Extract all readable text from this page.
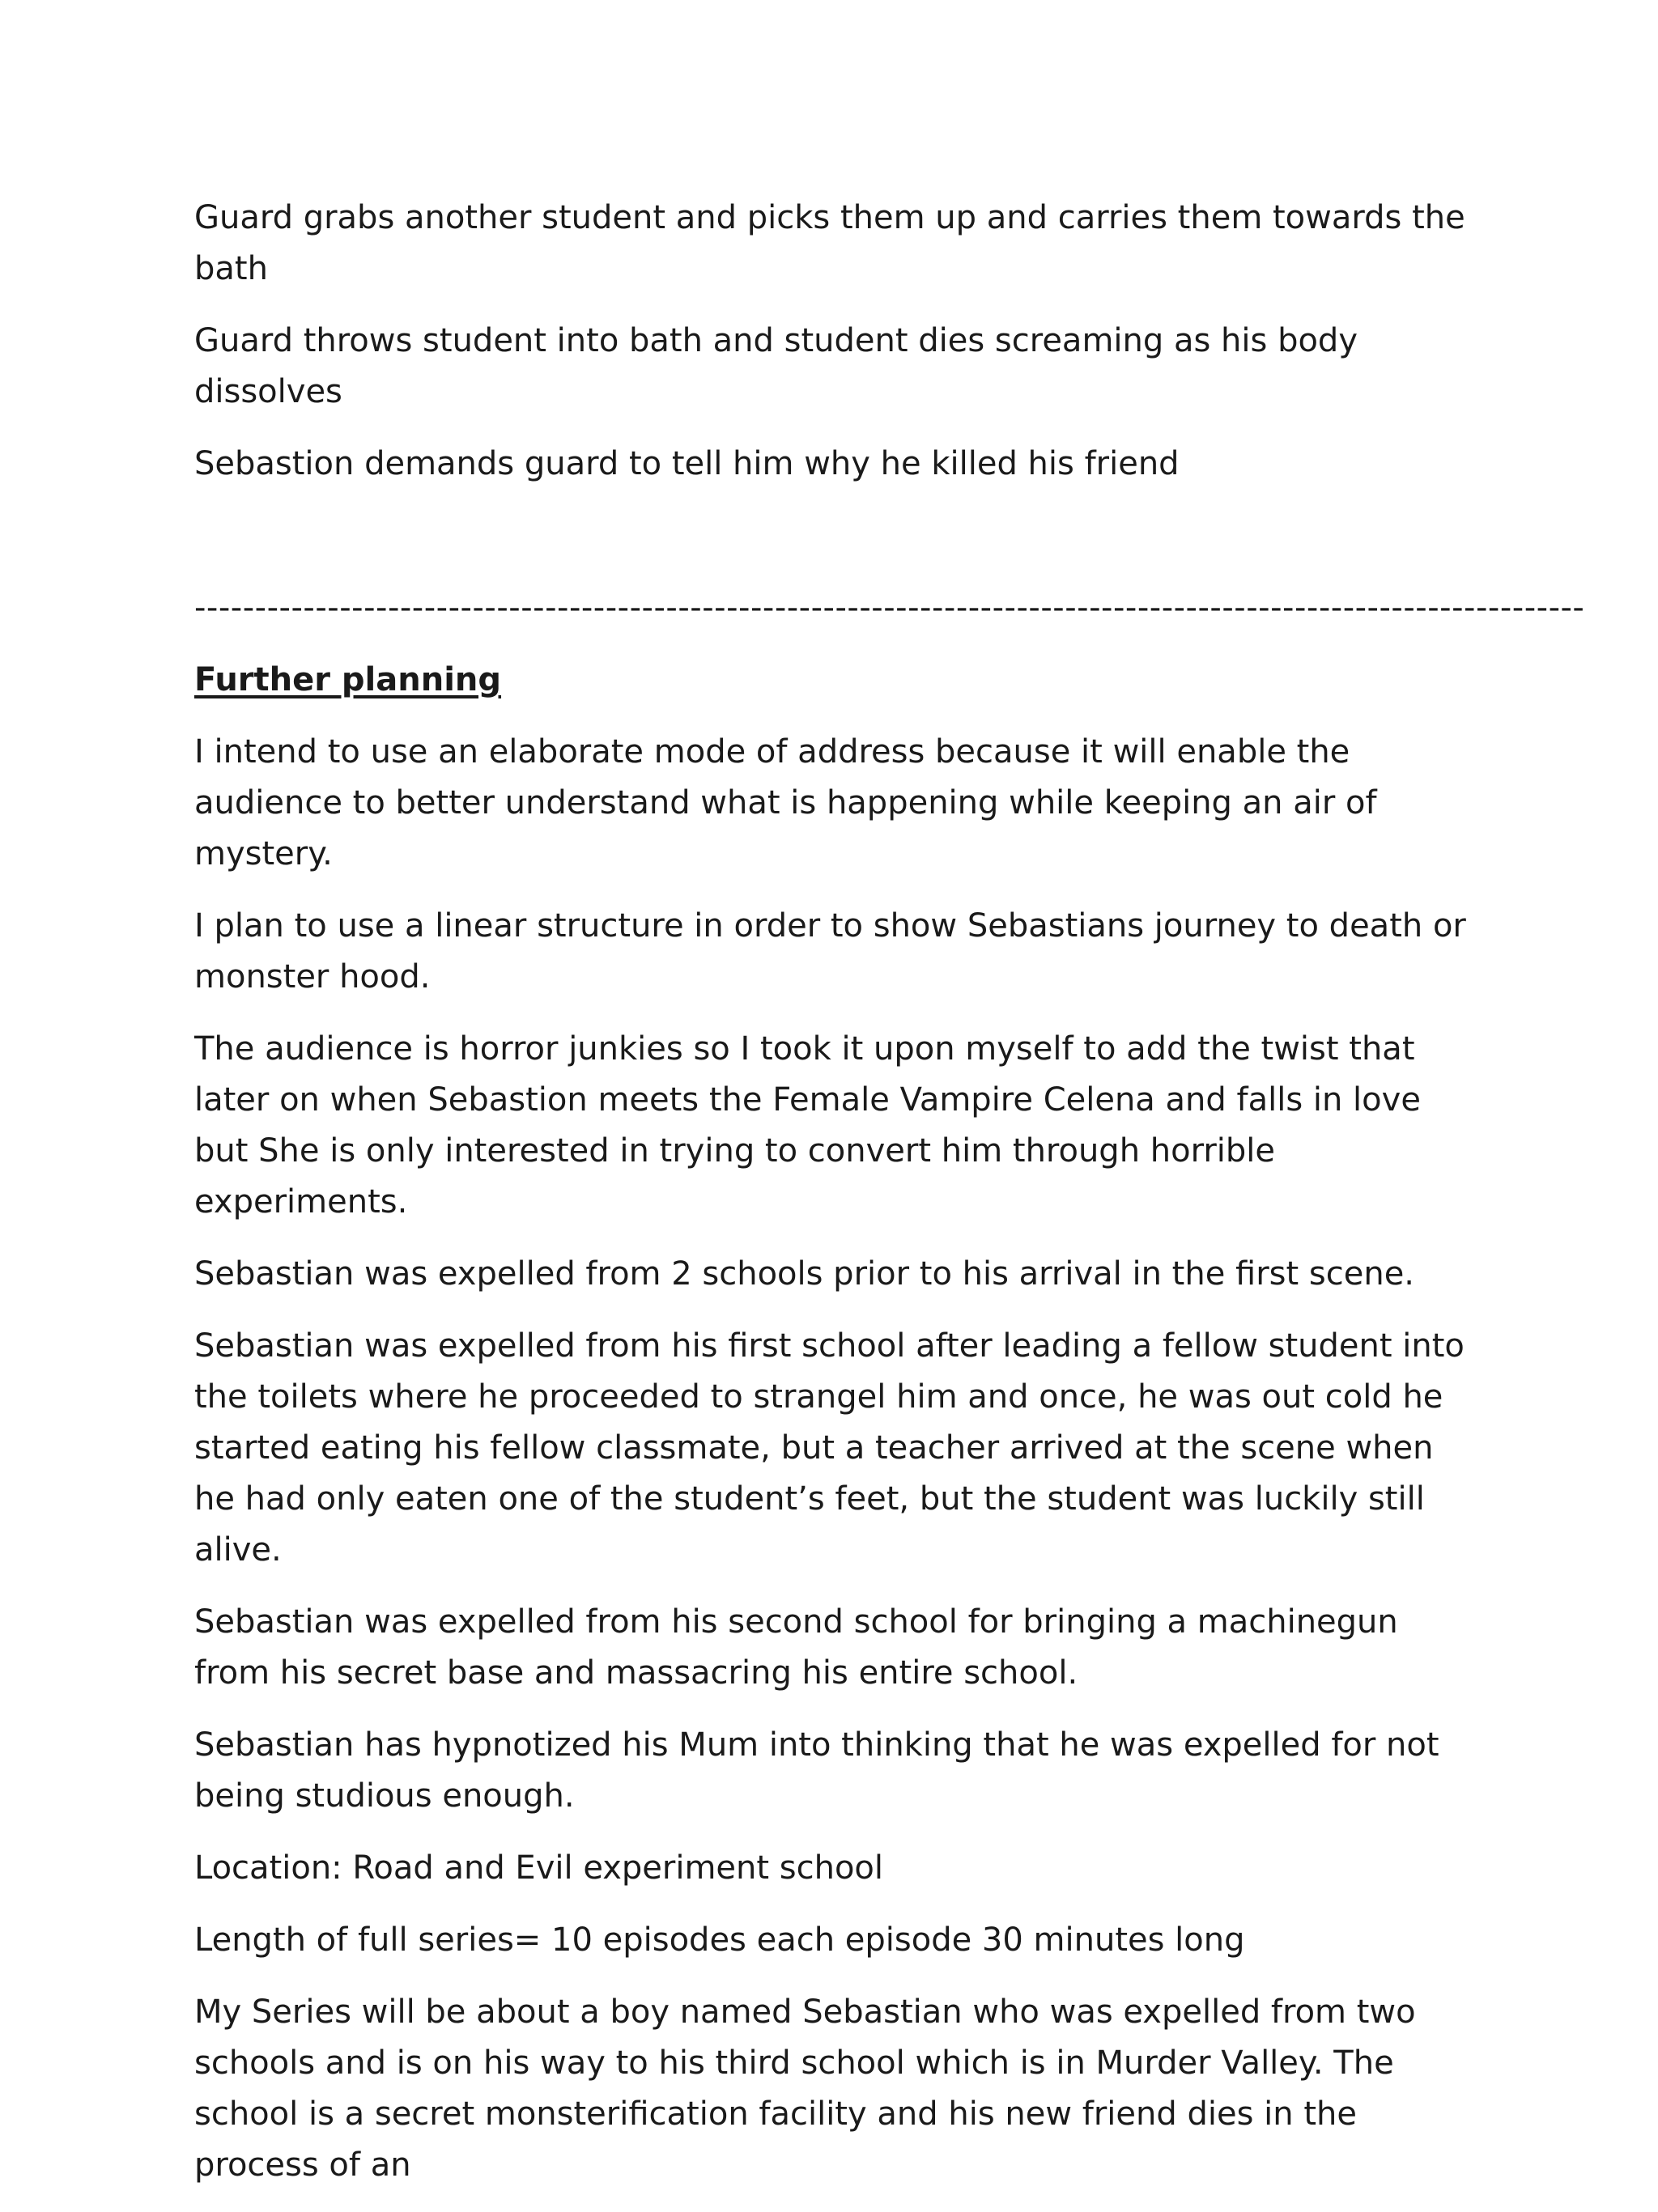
Guard grabs another student and picks them up and carries them towards the bath

Guard throws student into bath and student dies screaming as his body dissolves

Sebastion demands guard to tell him why he killed his friend

-------------------------------------------------------------------------------------------------------------------

Further planning

I intend to use an elaborate mode of address because it will enable the audience to better understand what is happening while keeping an air of mystery.

I plan to use a linear structure in order to show Sebastians journey to death or monster hood.

The audience is horror junkies so I took it upon myself to add the twist that later on when Sebastion meets the Female Vampire Celena and falls in love but She is only interested in trying to convert him through horrible experiments.

Sebastian was expelled from 2 schools prior to his arrival in the first scene.

Sebastian was expelled from his first school after leading a fellow student into the toilets where he proceeded to strangel him and once, he was out cold he started eating his fellow classmate, but a teacher arrived at the scene when he had only eaten one of the student’s feet, but the student was luckily still alive.

Sebastian was expelled from his second school for bringing a machinegun from his secret base and massacring his entire school.

Sebastian has hypnotized his Mum into thinking that he was expelled for not being studious enough.

Location: Road and Evil experiment school

Length of full series= 10 episodes each episode 30 minutes long

My Series will be about a boy named Sebastian who was expelled from two schools and is on his way to his third school which is in Murder Valley. The school is a secret monsterification facility and his new friend dies in the process of an
